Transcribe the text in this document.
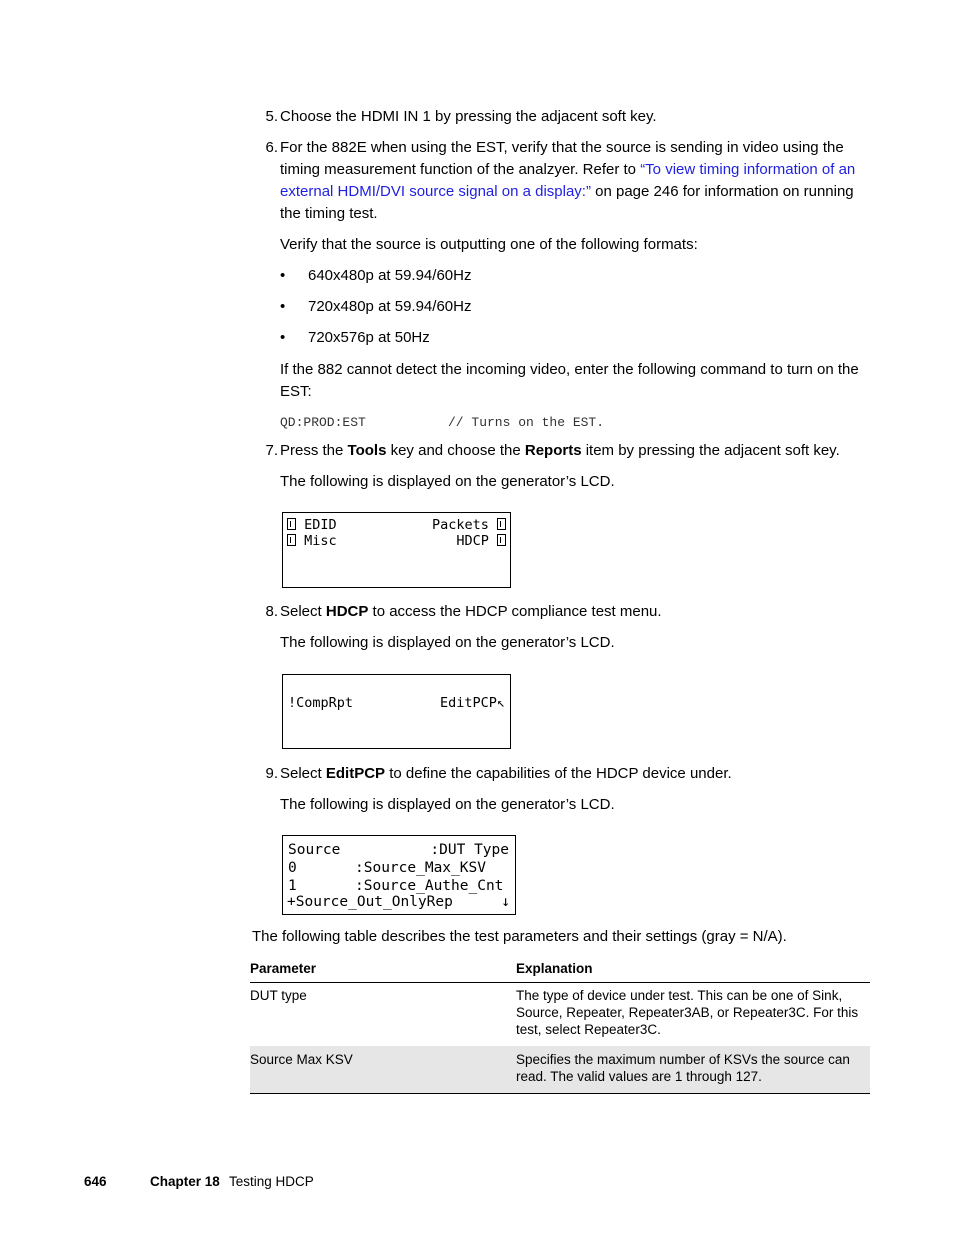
5. Choose the HDMI IN 1 by pressing the adjacent soft key.
6. For the 882E when using the EST, verify that the source is sending in video using the timing measurement function of the analzyer. Refer to “To view timing information of an external HDMI/DVI source signal on a display:” on page 246 for information on running the timing test.
Verify that the source is outputting one of the following formats:
• 640x480p at 59.94/60Hz
• 720x480p at 59.94/60Hz
• 720x576p at 50Hz
If the 882 cannot detect the incoming video, enter the following command to turn on the EST:
QD:PROD:EST	// Turns on the EST.
7. Press the Tools key and choose the Reports item by pressing the adjacent soft key.
The following is displayed on the generator’s LCD.
EDID	Packets
Misc	HDCP
8. Select HDCP to access the HDCP compliance test menu.
The following is displayed on the generator’s LCD.
!CompRpt	EditPCP↖
9. Select EditPCP to define the capabilities of the HDCP device under.
The following is displayed on the generator’s LCD.
Source	:DUT Type
0	:Source_Max_KSV
1	:Source_Authe_Cnt
+Source_Out_OnlyRep	↓
The following table describes the test parameters and their settings (gray = N/A).
Parameter	Explanation
DUT type	The type of device under test. This can be one of Sink, Source, Repeater, Repeater3AB, or Repeater3C. For this test, select Repeater3C.
Source Max KSV	Specifies the maximum number of KSVs the source can read. The valid values are 1 through 127.
646	Chapter 18 Testing HDCP
